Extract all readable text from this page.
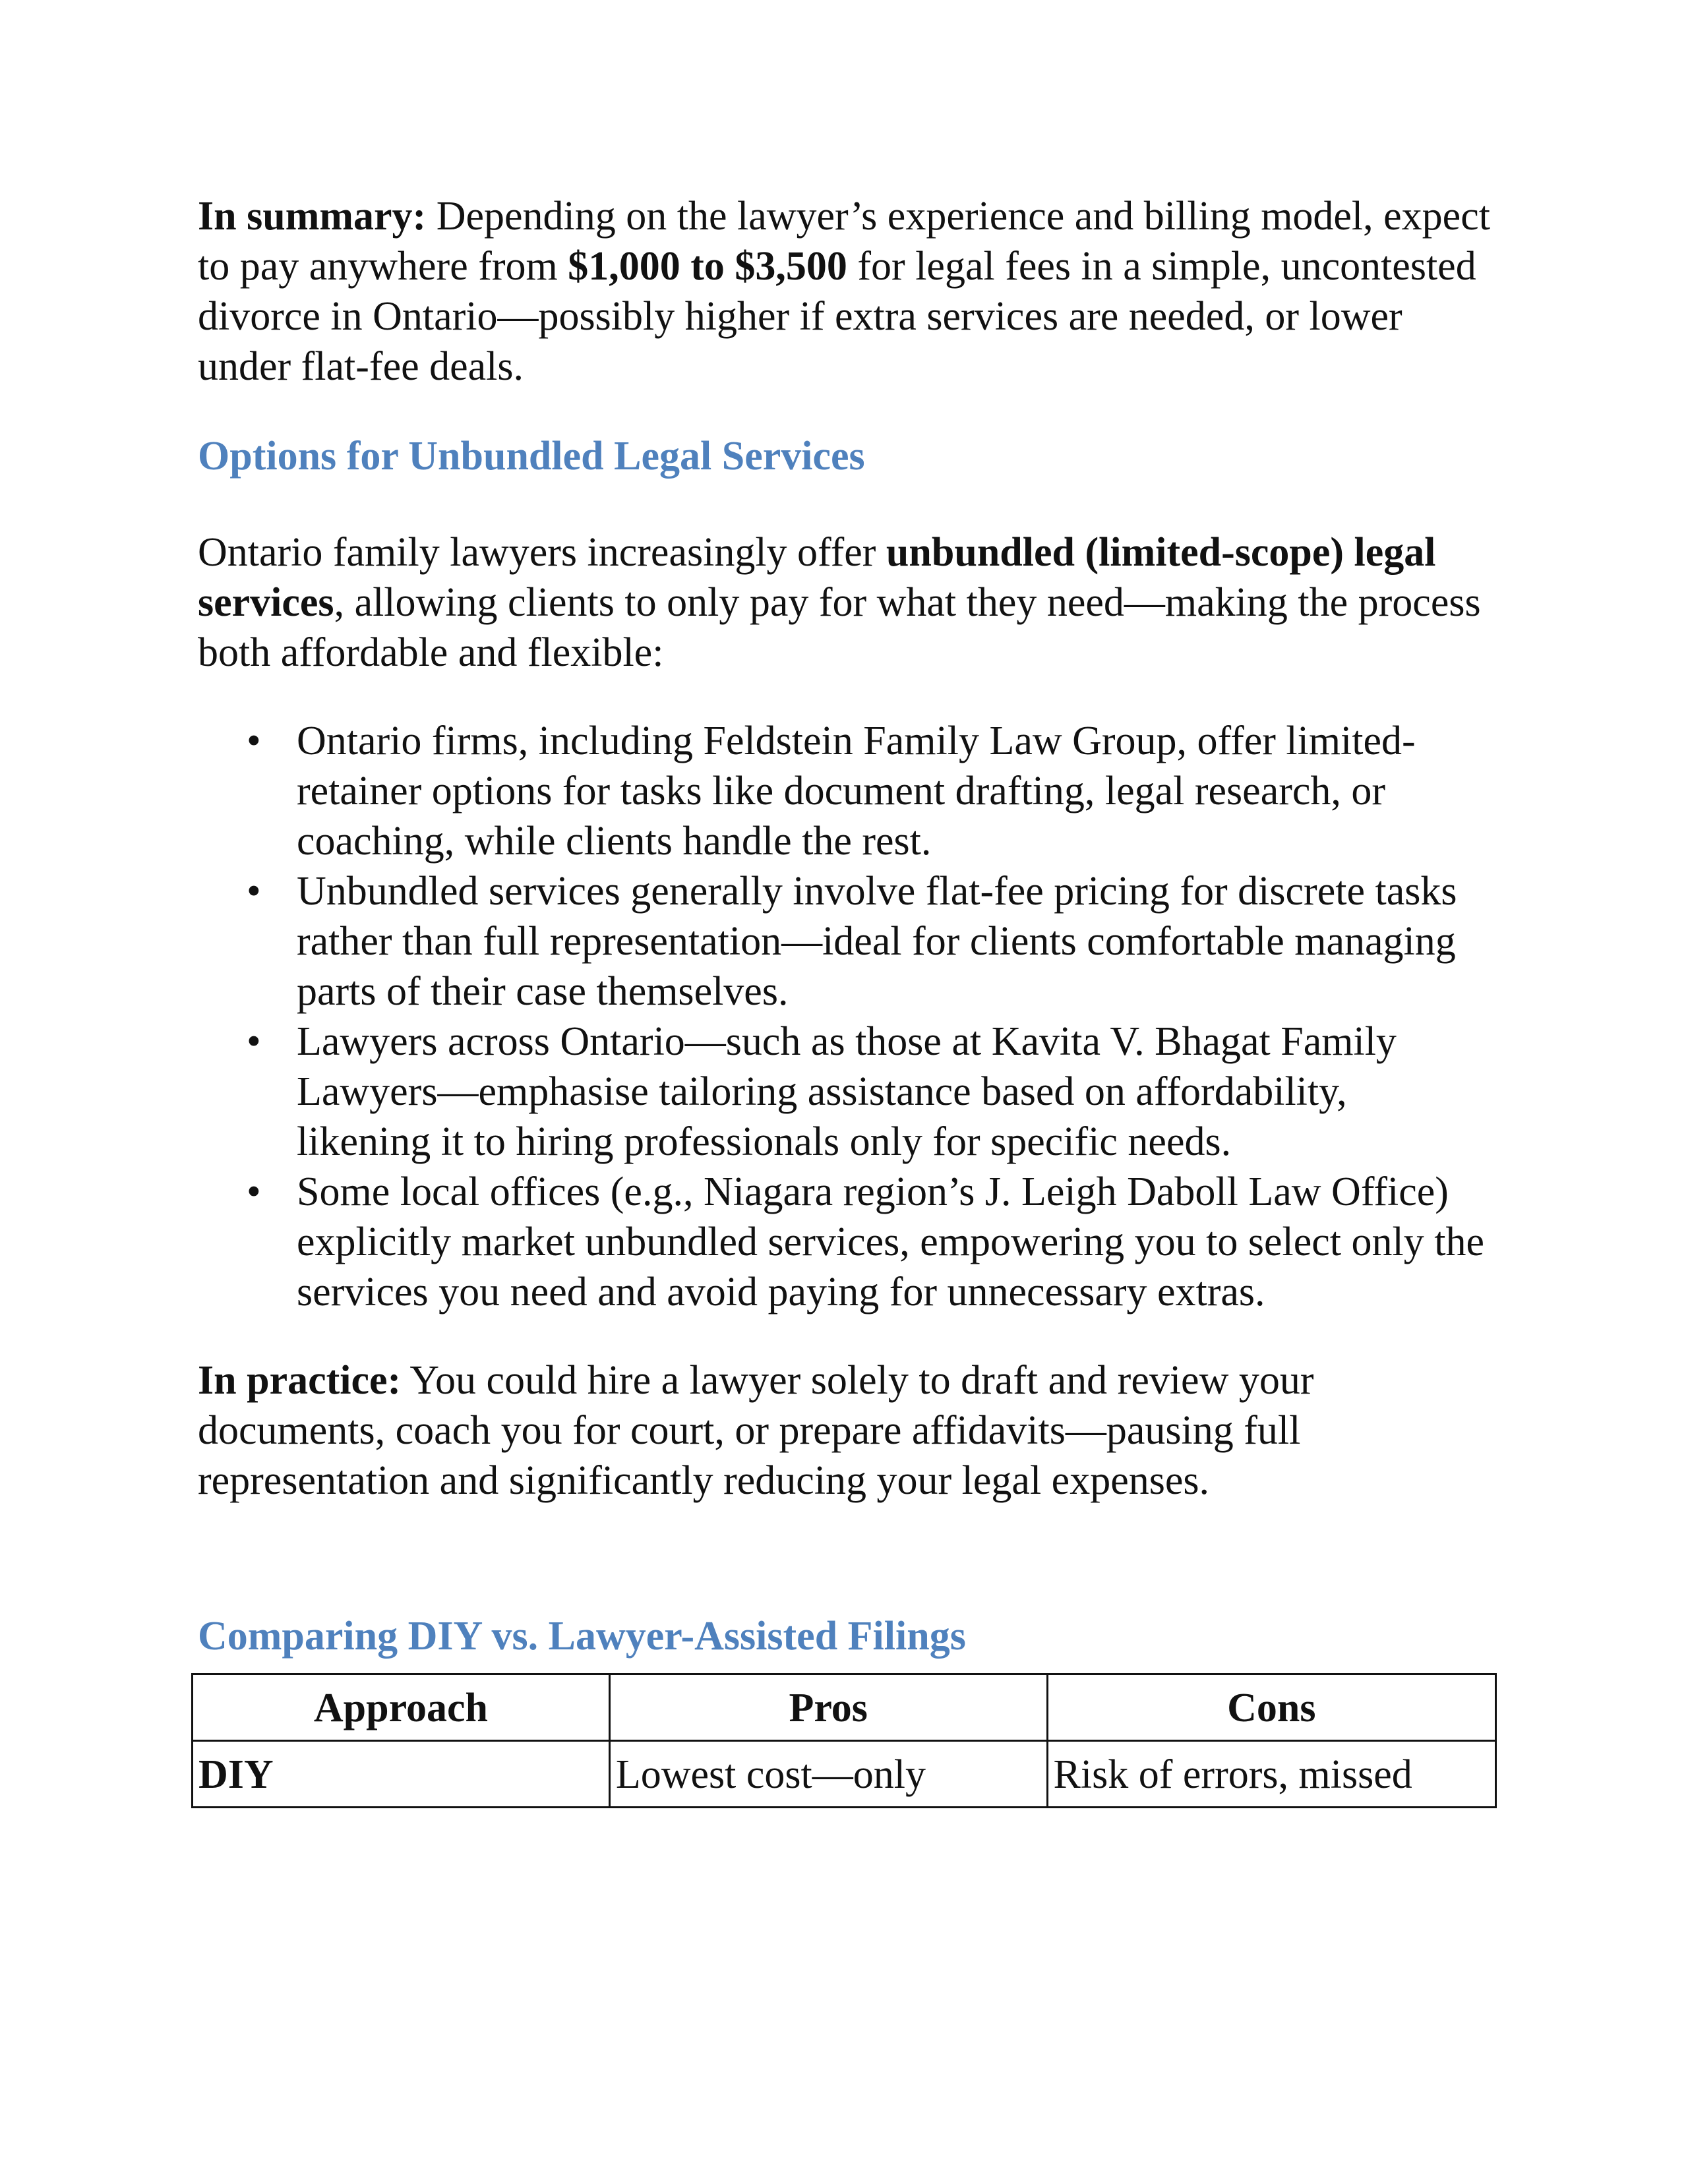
In summary: Depending on the lawyer’s experience and billing model, expect to pay anywhere from $1,000 to $3,500 for legal fees in a simple, uncontested divorce in Ontario—possibly higher if extra services are needed, or lower under flat-fee deals.

Options for Unbundled Legal Services

Ontario family lawyers increasingly offer unbundled (limited-scope) legal services, allowing clients to only pay for what they need—making the process both affordable and flexible:

• Ontario firms, including Feldstein Family Law Group, offer limited-retainer options for tasks like document drafting, legal research, or coaching, while clients handle the rest.
• Unbundled services generally involve flat-fee pricing for discrete tasks rather than full representation—ideal for clients comfortable managing parts of their case themselves.
• Lawyers across Ontario—such as those at Kavita V. Bhagat Family Lawyers—emphasise tailoring assistance based on affordability, likening it to hiring professionals only for specific needs.
• Some local offices (e.g., Niagara region’s J. Leigh Daboll Law Office) explicitly market unbundled services, empowering you to select only the services you need and avoid paying for unnecessary extras.

In practice: You could hire a lawyer solely to draft and review your documents, coach you for court, or prepare affidavits—pausing full representation and significantly reducing your legal expenses.

Comparing DIY vs. Lawyer-Assisted Filings
Approach	Pros	Cons
DIY	Lowest cost—only	Risk of errors, missed
